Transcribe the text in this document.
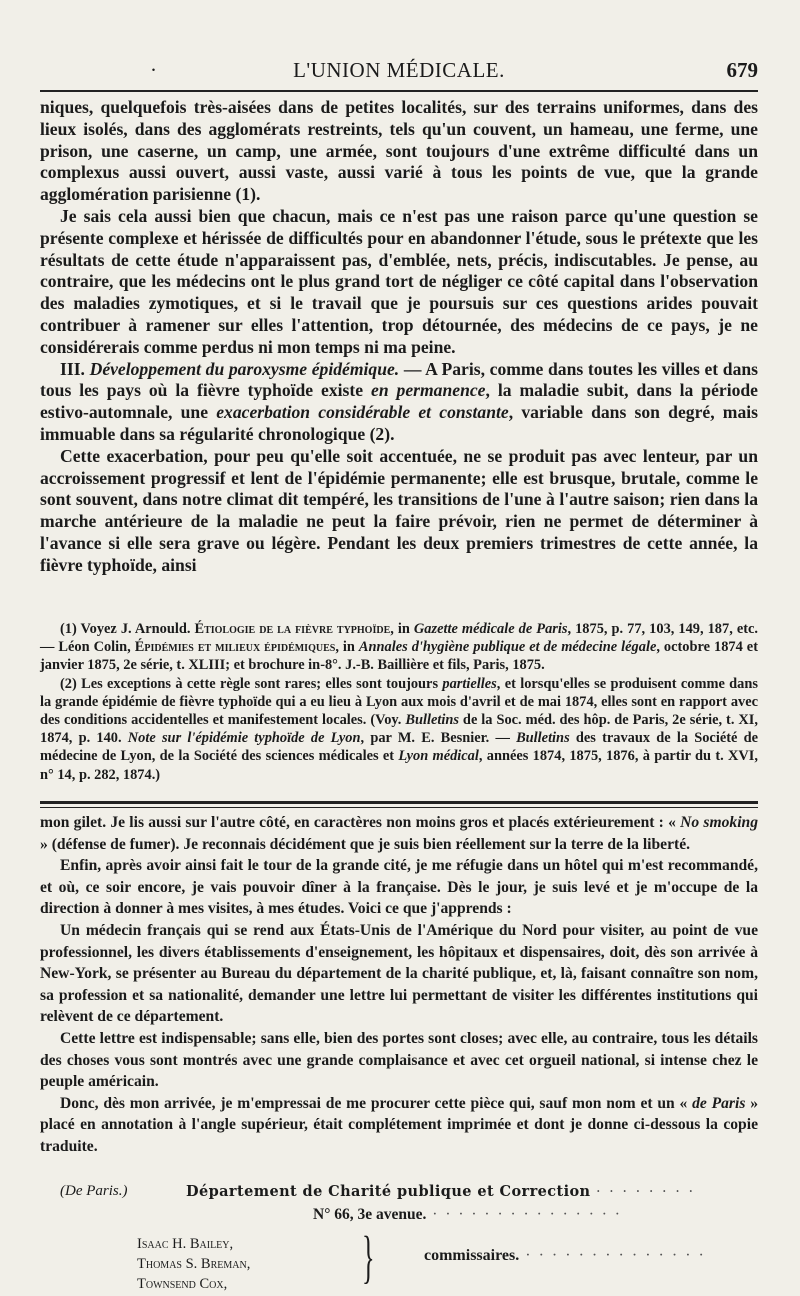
·	L'UNION MÉDICALE.	679

niques, quelquefois très-aisées dans de petites localités, sur des terrains uniformes, dans des lieux isolés, dans des agglomérats restreints, tels qu'un couvent, un hameau, une ferme, une prison, une caserne, un camp, une armée, sont toujours d'une extrême difficulté dans un complexus aussi ouvert, aussi vaste, aussi varié à tous les points de vue, que la grande agglomération parisienne (1).

Je sais cela aussi bien que chacun, mais ce n'est pas une raison parce qu'une question se présente complexe et hérissée de difficultés pour en abandonner l'étude, sous le prétexte que les résultats de cette étude n'apparaissent pas, d'emblée, nets, précis, indiscutables. Je pense, au contraire, que les médecins ont le plus grand tort de négliger ce côté capital dans l'observation des maladies zymotiques, et si le travail que je poursuis sur ces questions arides pouvait contribuer à ramener sur elles l'attention, trop détournée, des médecins de ce pays, je ne considérerais comme perdus ni mon temps ni ma peine.

III. Développement du paroxysme épidémique. — A Paris, comme dans toutes les villes et dans tous les pays où la fièvre typhoïde existe en permanence, la maladie subit, dans la période estivo-automnale, une exacerbation considérable et constante, variable dans son degré, mais immuable dans sa régularité chronologique (2).

Cette exacerbation, pour peu qu'elle soit accentuée, ne se produit pas avec lenteur, par un accroissement progressif et lent de l'épidémie permanente; elle est brusque, brutale, comme le sont souvent, dans notre climat dit tempéré, les transitions de l'une à l'autre saison; rien dans la marche antérieure de la maladie ne peut la faire prévoir, rien ne permet de déterminer à l'avance si elle sera grave ou légère. Pendant les deux premiers trimestres de cette année, la fièvre typhoïde, ainsi

(1) Voyez J. Arnould. Étiologie de la fièvre typhoïde, in Gazette médicale de Paris, 1875, p. 77, 103, 149, 187, etc. — Léon Colin, Épidémies et milieux épidémiques, in Annales d'hygiène publique et de médecine légale, octobre 1874 et janvier 1875, 2e série, t. XLIII; et brochure in-8°. J.-B. Baillière et fils, Paris, 1875.

(2) Les exceptions à cette règle sont rares; elles sont toujours partielles, et lorsqu'elles se produisent comme dans la grande épidémie de fièvre typhoïde qui a eu lieu à Lyon aux mois d'avril et de mai 1874, elles sont en rapport avec des conditions accidentelles et manifestement locales. (Voy. Bulletins de la Soc. méd. des hôp. de Paris, 2e série, t. XI, 1874, p. 140. Note sur l'épidémie typhoïde de Lyon, par M. E. Besnier. — Bulletins des travaux de la Société de médecine de Lyon, de la Société des sciences médicales et Lyon médical, années 1874, 1875, 1876, à partir du t. XVI, n° 14, p. 282, 1874.)

mon gilet. Je lis aussi sur l'autre côté, en caractères non moins gros et placés extérieurement : « No smoking » (défense de fumer). Je reconnais décidément que je suis bien réellement sur la terre de la liberté.

Enfin, après avoir ainsi fait le tour de la grande cité, je me réfugie dans un hôtel qui m'est recommandé, et où, ce soir encore, je vais pouvoir dîner à la française. Dès le jour, je suis levé et je m'occupe de la direction à donner à mes visites, à mes études. Voici ce que j'apprends :

Un médecin français qui se rend aux États-Unis de l'Amérique du Nord pour visiter, au point de vue professionnel, les divers établissements d'enseignement, les hôpitaux et dispensaires, doit, dès son arrivée à New-York, se présenter au Bureau du département de la charité publique, et, là, faisant connaître son nom, sa profession et sa nationalité, demander une lettre lui permettant de visiter les différentes institutions qui relèvent de ce département.

Cette lettre est indispensable; sans elle, bien des portes sont closes; avec elle, au contraire, tous les détails des choses vous sont montrés avec une grande complaisance et avec cet orgueil national, si intense chez le peuple américain.

Donc, dès mon arrivée, je m'empressai de me procurer cette pièce qui, sauf mon nom et un « de Paris » placé en annotation à l'angle supérieur, était complétement imprimée et dont je donne ci-dessous la copie traduite.

(De Paris.)	Département de Charité publique et Correction · · · · · · · ·
N° 66, 3e avenue. · · · · · · · · · · · · · · ·
Isaac H. Bailey,
Thomas S. Breman,
Townsend Cox,	}	commissaires. · · · · · · · · · · · · · ·
